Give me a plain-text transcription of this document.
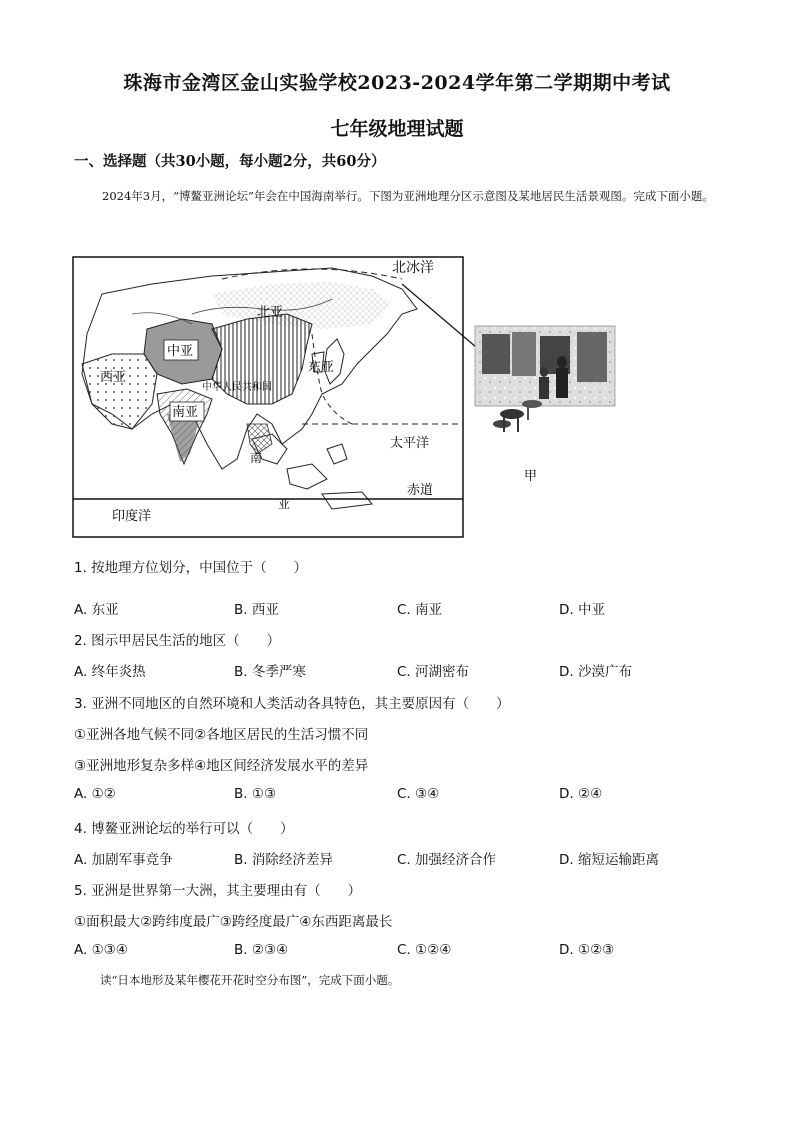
珠海市金湾区金山实验学校2023-2024学年第二学期期中考试
七年级地理试题
一、选择题（共30小题，每小题2分，共60分）
2024年3月，“博鳌亚洲论坛”年会在中国海南举行。下图为亚洲地理分区示意图及某地居民生活景观图。完成下面小题。
北冰洋
北亚
中亚
东亚
西亚
中华人民共和国
南亚
太平洋
南
亚
赤道
印度洋
甲
1. 按地理方位划分，中国位于（　　）
A. 东亚	B. 西亚	C. 南亚	D. 中亚
2. 图示甲居民生活的地区（　　）
A. 终年炎热	B. 冬季严寒	C. 河湖密布	D. 沙漠广布
3. 亚洲不同地区的自然环境和人类活动各具特色，其主要原因有（　　）
①亚洲各地气候不同②各地区居民的生活习惯不同
③亚洲地形复杂多样④地区间经济发展水平的差异
A. ①②	B. ①③	C. ③④	D. ②④
4. 博鳌亚洲论坛的举行可以（　　）
A. 加剧军事竞争	B. 消除经济差异	C. 加强经济合作	D. 缩短运输距离
5. 亚洲是世界第一大洲，其主要理由有（　　）
①面积最大②跨纬度最广③跨经度最广④东西距离最长
A. ①③④	B. ②③④	C. ①②④	D. ①②③
读“日本地形及某年樱花开花时空分布图”，完成下面小题。
